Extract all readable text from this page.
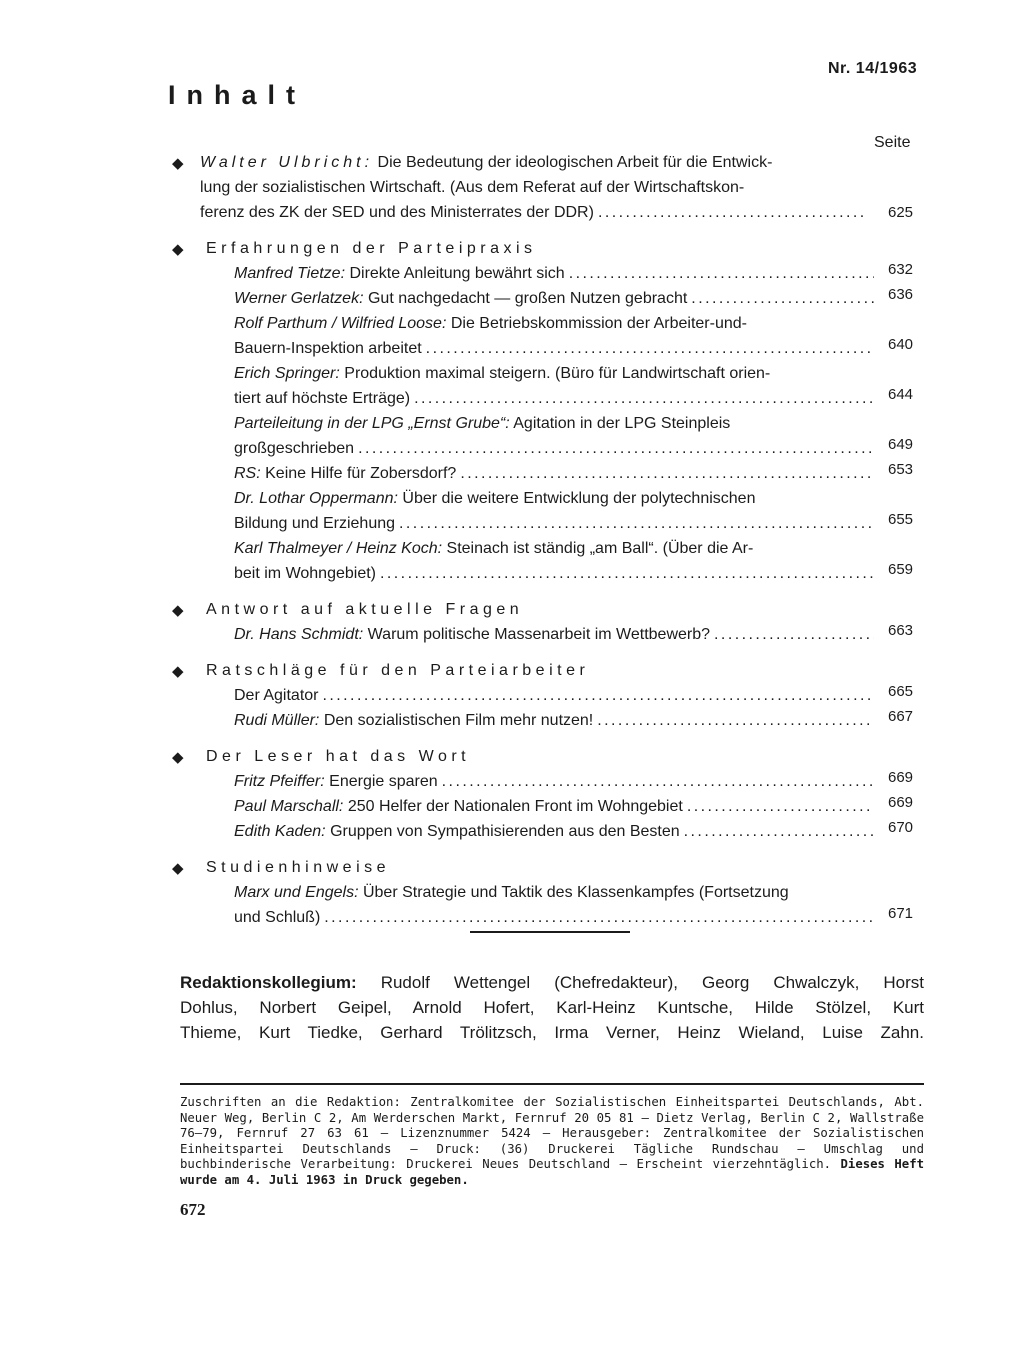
Nr. 14/1963
Inhalt
Seite
◆ Walter Ulbricht: Die Bedeutung der ideologischen Arbeit für die Entwick-
lung der sozialistischen Wirtschaft. (Aus dem Referat auf der Wirtschaftskon-
ferenz des ZK der SED und des Ministerrates der DDR) . . .	625
◆	Erfahrungen der Parteipraxis
Manfred Tietze: Direkte Anleitung bewährt sich . . .	632
Werner Gerlatzek: Gut nachgedacht — großen Nutzen gebracht . . .	636
Rolf Parthum / Wilfried Loose: Die Betriebskommission der Arbeiter-und-
Bauern-Inspektion arbeitet . . .	640
Erich Springer: Produktion maximal steigern. (Büro für Landwirtschaft orien-
tiert auf höchste Erträge) . . .	644
Parteileitung in der LPG „Ernst Grube“: Agitation in der LPG Steinpleis
großgeschrieben . . .	649
RS: Keine Hilfe für Zobersdorf? . . .	653
Dr. Lothar Oppermann: Über die weitere Entwicklung der polytechnischen
Bildung und Erziehung . . .	655
Karl Thalmeyer / Heinz Koch: Steinach ist ständig „am Ball“. (Über die Ar-
beit im Wohngebiet) . . .	659
◆	Antwort auf aktuelle Fragen
Dr. Hans Schmidt: Warum politische Massenarbeit im Wettbewerb? . . .	663
◆	Ratschläge für den Parteiarbeiter
Der Agitator . . .	665
Rudi Müller: Den sozialistischen Film mehr nutzen! . . .	667
◆	Der Leser hat das Wort
Fritz Pfeiffer: Energie sparen . . .	669
Paul Marschall: 250 Helfer der Nationalen Front im Wohngebiet . . .	669
Edith Kaden: Gruppen von Sympathisierenden aus den Besten . . .	670
◆	Studienhinweise
Marx und Engels: Über Strategie und Taktik des Klassenkampfes (Fortsetzung
und Schluß) . . .	671
Redaktionskollegium: Rudolf Wettengel (Chefredakteur), Georg Chwalczyk, Horst
Dohlus, Norbert Geipel, Arnold Hofert, Karl-Heinz Kuntsche, Hilde Stölzel, Kurt
Thieme, Kurt Tiedke, Gerhard Trölitzsch, Irma Verner, Heinz Wieland, Luise Zahn.
Zuschriften an die Redaktion: Zentralkomitee der Sozialistischen Einheitspartei Deutschlands, Abt. Neuer Weg, Berlin C 2, Am Werderschen Markt, Fernruf 20 05 81 — Dietz Verlag, Berlin C 2, Wallstraße 76—79, Fernruf 27 63 61 — Lizenznummer 5424 — Herausgeber: Zentralkomitee der Sozialistischen Einheitspartei Deutschlands — Druck: (36) Druckerei Tägliche Rundschau — Umschlag und buchbinderische Verarbeitung: Druckerei Neues Deutschland — Erscheint vierzehntäglich. Dieses Heft wurde am 4. Juli 1963 in Druck gegeben.
672
